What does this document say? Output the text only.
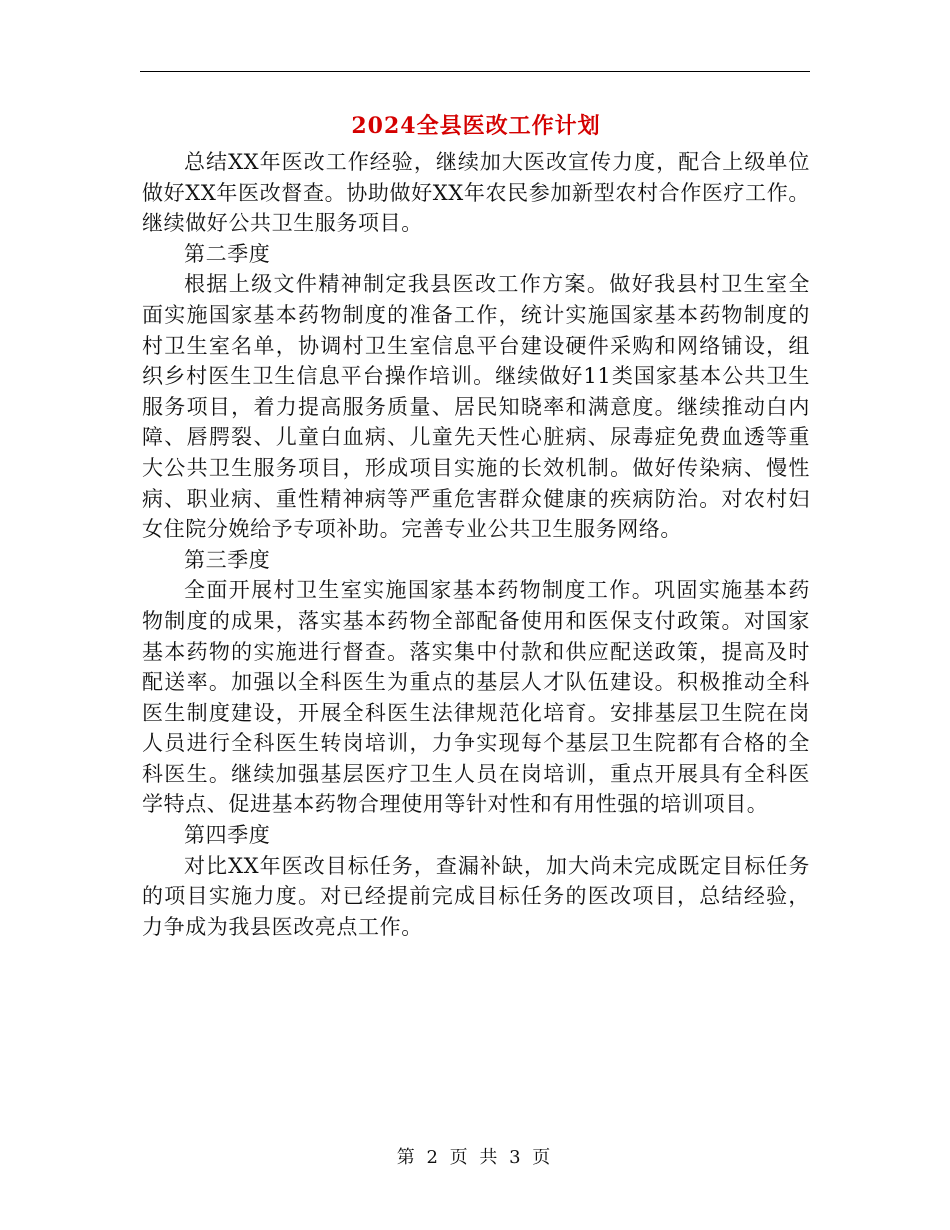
2024全县医改工作计划

总结XX年医改工作经验，继续加大医改宣传力度，配合上级单位做好XX年医改督查。协助做好XX年农民参加新型农村合作医疗工作。继续做好公共卫生服务项目。

第二季度

根据上级文件精神制定我县医改工作方案。做好我县村卫生室全面实施国家基本药物制度的准备工作，统计实施国家基本药物制度的村卫生室名单，协调村卫生室信息平台建设硬件采购和网络铺设，组织乡村医生卫生信息平台操作培训。继续做好11类国家基本公共卫生服务项目，着力提高服务质量、居民知晓率和满意度。继续推动白内障、唇腭裂、儿童白血病、儿童先天性心脏病、尿毒症免费血透等重大公共卫生服务项目，形成项目实施的长效机制。做好传染病、慢性病、职业病、重性精神病等严重危害群众健康的疾病防治。对农村妇女住院分娩给予专项补助。完善专业公共卫生服务网络。

第三季度

全面开展村卫生室实施国家基本药物制度工作。巩固实施基本药物制度的成果，落实基本药物全部配备使用和医保支付政策。对国家基本药物的实施进行督查。落实集中付款和供应配送政策，提高及时配送率。加强以全科医生为重点的基层人才队伍建设。积极推动全科医生制度建设，开展全科医生法律规范化培育。安排基层卫生院在岗人员进行全科医生转岗培训，力争实现每个基层卫生院都有合格的全科医生。继续加强基层医疗卫生人员在岗培训，重点开展具有全科医学特点、促进基本药物合理使用等针对性和有用性强的培训项目。

第四季度

对比XX年医改目标任务，查漏补缺，加大尚未完成既定目标任务的项目实施力度。对已经提前完成目标任务的医改项目，总结经验，力争成为我县医改亮点工作。

第 2 页 共 3 页
